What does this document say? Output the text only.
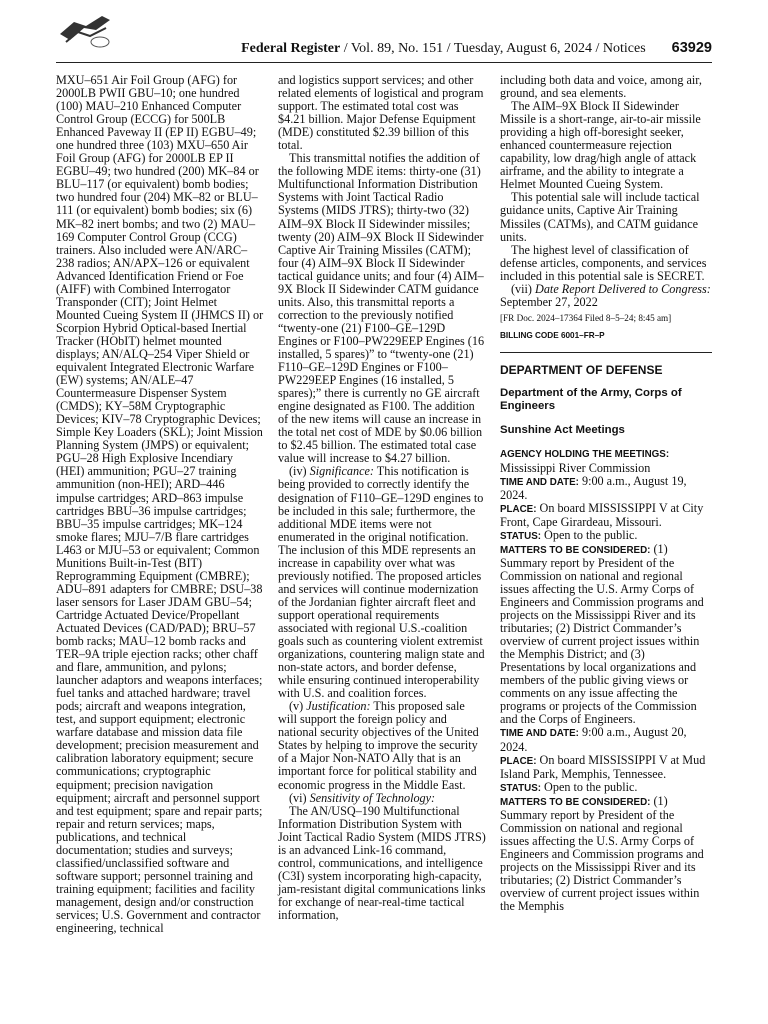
Federal Register / Vol. 89, No. 151 / Tuesday, August 6, 2024 / Notices 63929

MXU–651 Air Foil Group (AFG) for 2000LB PWII GBU–10; one hundred (100) MAU–210 Enhanced Computer Control Group (ECCG) for 500LB Enhanced Paveway II (EP II) EGBU–49; one hundred three (103) MXU–650 Air Foil Group (AFG) for 2000LB EP II EGBU–49; two hundred (200) MK–84 or BLU–117 (or equivalent) bomb bodies; two hundred four (204) MK–82 or BLU–111 (or equivalent) bomb bodies; six (6) MK–82 inert bombs; and two (2) MAU–169 Computer Control Group (CCG) trainers. Also included were AN/ARC–238 radios; AN/APX–126 or equivalent Advanced Identification Friend or Foe (AIFF) with Combined Interrogator Transponder (CIT); Joint Helmet Mounted Cueing System II (JHMCS II) or Scorpion Hybrid Optical-based Inertial Tracker (HObIT) helmet mounted displays; AN/ALQ–254 Viper Shield or equivalent Integrated Electronic Warfare (EW) systems; AN/ALE–47 Countermeasure Dispenser System (CMDS); KY–58M Cryptographic Devices; KIV–78 Cryptographic Devices; Simple Key Loaders (SKL); Joint Mission Planning System (JMPS) or equivalent; PGU–28 High Explosive Incendiary (HEI) ammunition; PGU–27 training ammunition (non-HEI); ARD–446 impulse cartridges; ARD–863 impulse cartridges BBU–36 impulse cartridges; BBU–35 impulse cartridges; MK–124 smoke flares; MJU–7/B flare cartridges L463 or MJU–53 or equivalent; Common Munitions Built-in-Test (BIT) Reprogramming Equipment (CMBRE); ADU–891 adapters for CMBRE; DSU–38 laser sensors for Laser JDAM GBU–54; Cartridge Actuated Device/Propellant Actuated Devices (CAD/PAD); BRU–57 bomb racks; MAU–12 bomb racks and TER–9A triple ejection racks; other chaff and flare, ammunition, and pylons; launcher adaptors and weapons interfaces; fuel tanks and attached hardware; travel pods; aircraft and weapons integration, test, and support equipment; electronic warfare database and mission data file development; precision measurement and calibration laboratory equipment; secure communications; cryptographic equipment; precision navigation equipment; aircraft and personnel support and test equipment; spare and repair parts; repair and return services; maps, publications, and technical documentation; studies and surveys; classified/unclassified software and software support; personnel training and training equipment; facilities and facility management, design and/or construction services; U.S. Government and contractor engineering, technical

and logistics support services; and other related elements of logistical and program support. The estimated total cost was $4.21 billion. Major Defense Equipment (MDE) constituted $2.39 billion of this total.

This transmittal notifies the addition of the following MDE items: thirty-one (31) Multifunctional Information Distribution Systems with Joint Tactical Radio Systems (MIDS JTRS); thirty-two (32) AIM–9X Block II Sidewinder missiles; twenty (20) AIM–9X Block II Sidewinder Captive Air Training Missiles (CATM); four (4) AIM–9X Block II Sidewinder tactical guidance units; and four (4) AIM–9X Block II Sidewinder CATM guidance units. Also, this transmittal reports a correction to the previously notified “twenty-one (21) F100–GE–129D Engines or F100–PW229EEP Engines (16 installed, 5 spares)” to “twenty-one (21) F110–GE–129D Engines or F100–PW229EEP Engines (16 installed, 5 spares);” there is currently no GE aircraft engine designated as F100. The addition of the new items will cause an increase in the total net cost of MDE by $0.06 billion to $2.45 billion. The estimated total case value will increase to $4.27 billion.

(iv) Significance: This notification is being provided to correctly identify the designation of F110–GE–129D engines to be included in this sale; furthermore, the additional MDE items were not enumerated in the original notification. The inclusion of this MDE represents an increase in capability over what was previously notified. The proposed articles and services will continue modernization of the Jordanian fighter aircraft fleet and support operational requirements associated with regional U.S.-coalition goals such as countering violent extremist organizations, countering malign state and non-state actors, and border defense, while ensuring continued interoperability with U.S. and coalition forces.

(v) Justification: This proposed sale will support the foreign policy and national security objectives of the United States by helping to improve the security of a Major Non-NATO Ally that is an important force for political stability and economic progress in the Middle East.

(vi) Sensitivity of Technology:

The AN/USQ–190 Multifunctional Information Distribution System with Joint Tactical Radio System (MIDS JTRS) is an advanced Link-16 command, control, communications, and intelligence (C3I) system incorporating high-capacity, jam-resistant digital communications links for exchange of near-real-time tactical information,

including both data and voice, among air, ground, and sea elements.

The AIM–9X Block II Sidewinder Missile is a short-range, air-to-air missile providing a high off-boresight seeker, enhanced countermeasure rejection capability, low drag/high angle of attack airframe, and the ability to integrate a Helmet Mounted Cueing System.

This potential sale will include tactical guidance units, Captive Air Training Missiles (CATMs), and CATM guidance units.

The highest level of classification of defense articles, components, and services included in this potential sale is SECRET.

(vii) Date Report Delivered to Congress: September 27, 2022

[FR Doc. 2024–17364 Filed 8–5–24; 8:45 am]
BILLING CODE 6001–FR–P
DEPARTMENT OF DEFENSE
Department of the Army, Corps of Engineers
Sunshine Act Meetings

AGENCY HOLDING THE MEETINGS:
Mississippi River Commission

TIME AND DATE: 9:00 a.m., August 19, 2024.

PLACE: On board MISSISSIPPI V at City Front, Cape Girardeau, Missouri.

STATUS: Open to the public.

MATTERS TO BE CONSIDERED: (1) Summary report by President of the Commission on national and regional issues affecting the U.S. Army Corps of Engineers and Commission programs and projects on the Mississippi River and its tributaries; (2) District Commander’s overview of current project issues within the Memphis District; and (3) Presentations by local organizations and members of the public giving views or comments on any issue affecting the programs or projects of the Commission and the Corps of Engineers.

TIME AND DATE: 9:00 a.m., August 20, 2024.

PLACE: On board MISSISSIPPI V at Mud Island Park, Memphis, Tennessee.

STATUS: Open to the public.

MATTERS TO BE CONSIDERED: (1) Summary report by President of the Commission on national and regional issues affecting the U.S. Army Corps of Engineers and Commission programs and projects on the Mississippi River and its tributaries; (2) District Commander’s overview of current project issues within the Memphis
